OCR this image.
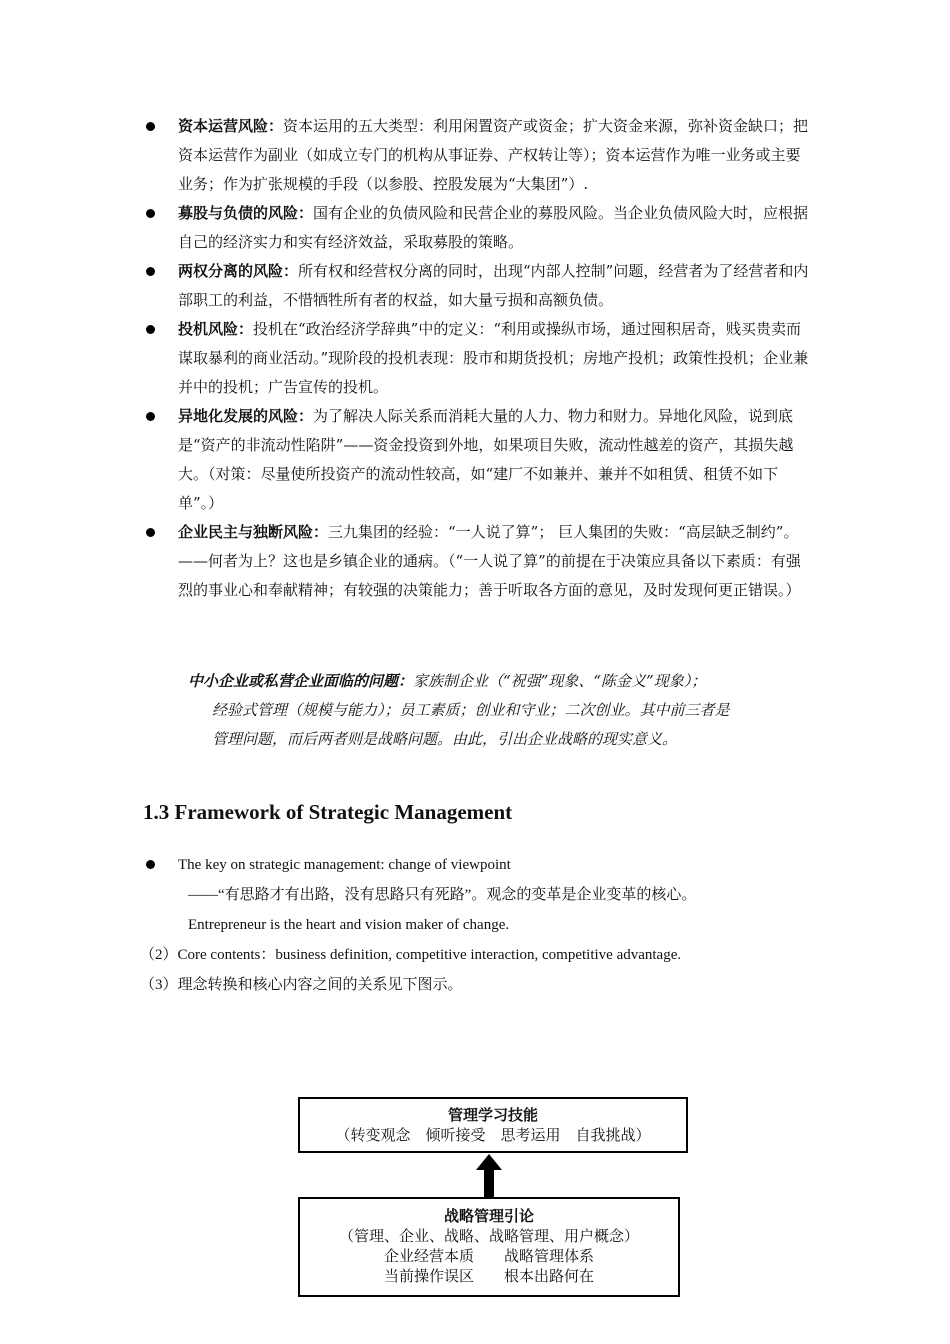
资本运营风险：资本运用的五大类型：利用闲置资产或资金；扩大资金来源，弥补资金缺口；把资本运营作为副业（如成立专门的机构从事证券、产权转让等）；资本运营作为唯一业务或主要业务；作为扩张规模的手段（以参股、控股发展为“大集团”）.
募股与负债的风险：国有企业的负债风险和民营企业的募股风险。当企业负债风险大时，应根据自己的经济实力和实有经济效益，采取募股的策略。
两权分离的风险：所有权和经营权分离的同时，出现“内部人控制”问题，经营者为了经营者和内部职工的利益，不惜牺牲所有者的权益，如大量亏损和高额负债。
投机风险：投机在“政治经济学辞典”中的定义：“利用或操纵市场，通过囤积居奇，贱买贵卖而谋取暴利的商业活动。”现阶段的投机表现：股市和期货投机；房地产投机；政策性投机；企业兼并中的投机；广告宣传的投机。
异地化发展的风险：为了解决人际关系而消耗大量的人力、物力和财力。异地化风险，说到底是“资产的非流动性陷阱”——资金投资到外地，如果项目失败，流动性越差的资产，其损失越大。（对策：尽量使所投资产的流动性较高，如“建厂不如兼并、兼并不如租赁、租赁不如下单”。）
企业民主与独断风险：三九集团的经验：“一人说了算”； 巨人集团的失败：“高层缺乏制约”。——何者为上？这也是乡镇企业的通病。（“一人说了算”的前提在于决策应具备以下素质：有强烈的事业心和奉献精神；有较强的决策能力；善于听取各方面的意见，及时发现何更正错误。）
中小企业或私营企业面临的问题：家族制企业（“祝强”现象、“陈金义”现象）；
经验式管理（规模与能力）；员工素质；创业和守业；二次创业。其中前三者是
管理问题，而后两者则是战略问题。由此，引出企业战略的现实意义。
1.3 Framework of Strategic Management
The key on strategic management: change of viewpoint
——“有思路才有出路，没有思路只有死路”。观念的变革是企业变革的核心。
Entrepreneur is the heart and vision maker of change.
（2）Core contents：business definition, competitive interaction, competitive advantage.
（3）理念转换和核心内容之间的关系见下图示。
管理学习技能
（转变观念　倾听接受　思考运用　自我挑战）
战略管理引论
（管理、企业、战略、战略管理、用户概念）
企业经营本质　　战略管理体系
当前操作误区　　根本出路何在
